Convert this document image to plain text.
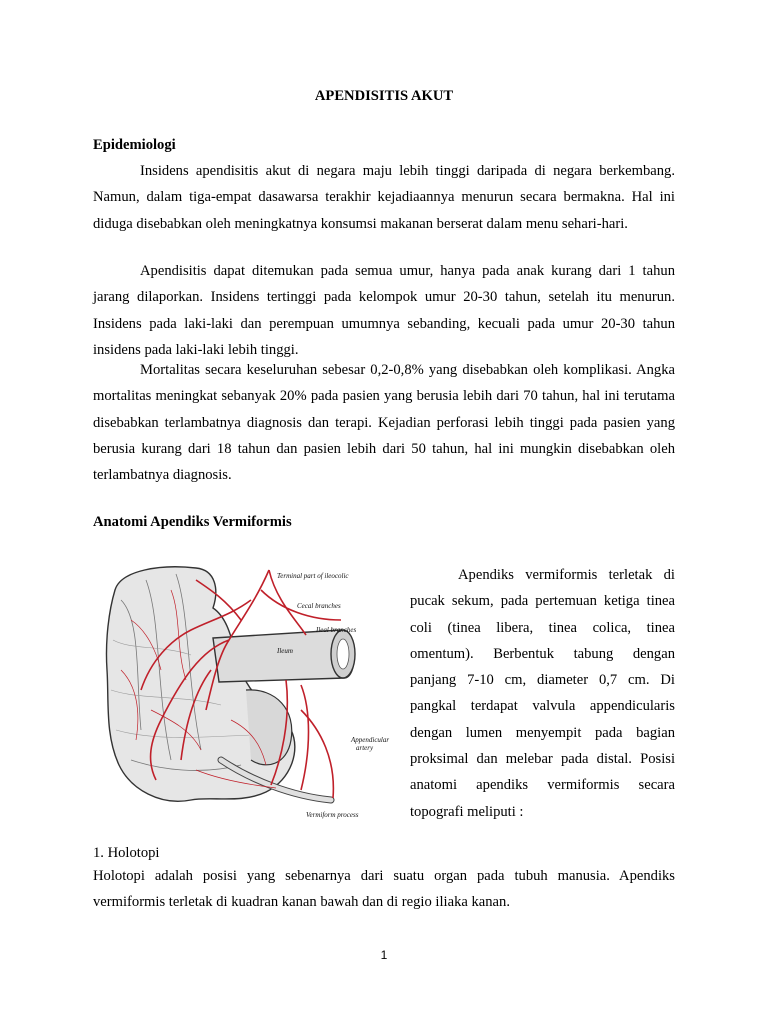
APENDISITIS AKUT
Epidemiologi

Insidens apendisitis akut di negara maju lebih tinggi daripada di negara berkembang. Namun, dalam tiga-empat dasawarsa terakhir kejadiaannya menurun secara bermakna. Hal ini diduga disebabkan oleh meningkatnya konsumsi makanan berserat dalam menu sehari-hari.

Apendisitis dapat ditemukan pada semua umur, hanya pada anak kurang dari 1 tahun jarang dilaporkan. Insidens tertinggi pada kelompok umur 20-30 tahun, setelah itu menurun. Insidens pada laki-laki dan perempuan umumnya sebanding, kecuali pada umur 20-30 tahun insidens pada laki-laki lebih tinggi.

Mortalitas secara keseluruhan sebesar 0,2-0,8% yang disebabkan oleh komplikasi. Angka mortalitas meningkat sebanyak 20% pada pasien yang berusia lebih dari 70 tahun, hal ini terutama disebabkan terlambatnya diagnosis dan terapi. Kejadian perforasi lebih tinggi pada pasien yang berusia kurang dari 18 tahun dan pasien lebih dari 50 tahun, hal ini mungkin disebabkan oleh terlambatnya diagnosis.

Anatomi Apendiks Vermiformis
Ileum
Terminal part of ileocolic
Cecal branches
Ileal branches
Appendicular
artery
Vermiform process

Apendiks vermiformis terletak di pucak sekum, pada pertemuan ketiga tinea coli (tinea libera, tinea colica, tinea omentum). Berbentuk tabung dengan panjang 7-10 cm, diameter 0,7 cm. Di pangkal terdapat valvula appendicularis dengan lumen menyempit pada bagian proksimal dan melebar pada distal. Posisi anatomi apendiks vermiformis secara topografi meliputi :

1. Holotopi

Holotopi adalah posisi yang sebenarnya dari suatu organ pada tubuh manusia. Apendiks vermiformis terletak di kuadran kanan bawah dan di regio iliaka kanan.

1
